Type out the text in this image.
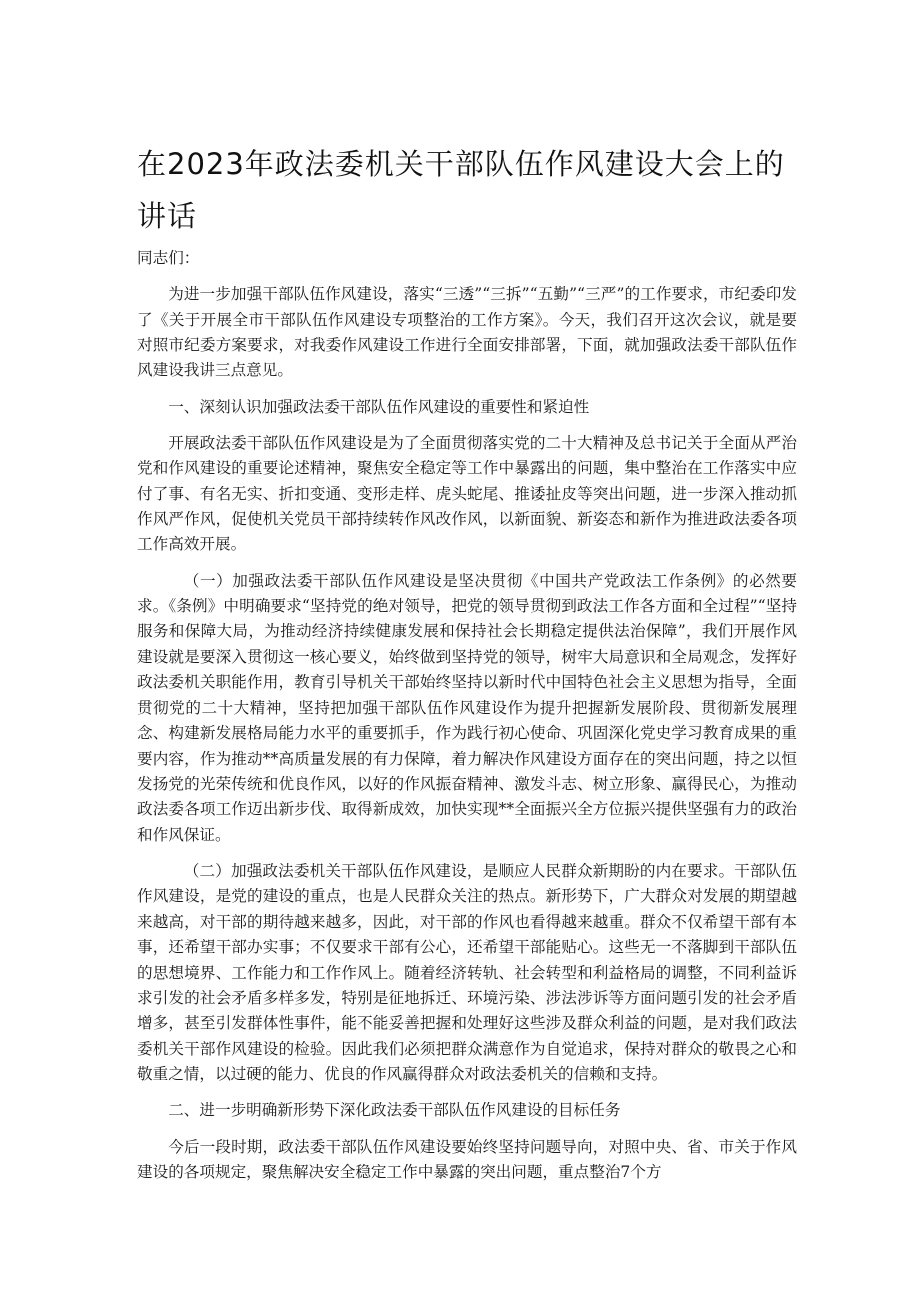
在2023年政法委机关干部队伍作风建设大会上的讲话

同志们：

为进一步加强干部队伍作风建设，落实“三透”“三拆”“五勤”“三严”的工作要求，市纪委印发了《关于开展全市干部队伍作风建设专项整治的工作方案》。今天，我们召开这次会议，就是要对照市纪委方案要求，对我委作风建设工作进行全面安排部署，下面，就加强政法委干部队伍作风建设我讲三点意见。

一、深刻认识加强政法委干部队伍作风建设的重要性和紧迫性

开展政法委干部队伍作风建设是为了全面贯彻落实党的二十大精神及总书记关于全面从严治党和作风建设的重要论述精神，聚焦安全稳定等工作中暴露出的问题，集中整治在工作落实中应付了事、有名无实、折扣变通、变形走样、虎头蛇尾、推诿扯皮等突出问题，进一步深入推动抓作风严作风，促使机关党员干部持续转作风改作风，以新面貌、新姿态和新作为推进政法委各项工作高效开展。

（一）加强政法委干部队伍作风建设是坚决贯彻《中国共产党政法工作条例》的必然要求。《条例》中明确要求“坚持党的绝对领导，把党的领导贯彻到政法工作各方面和全过程”“坚持服务和保障大局，为推动经济持续健康发展和保持社会长期稳定提供法治保障”，我们开展作风建设就是要深入贯彻这一核心要义，始终做到坚持党的领导，树牢大局意识和全局观念，发挥好政法委机关职能作用，教育引导机关干部始终坚持以新时代中国特色社会主义思想为指导，全面贯彻党的二十大精神，坚持把加强干部队伍作风建设作为提升把握新发展阶段、贯彻新发展理念、构建新发展格局能力水平的重要抓手，作为践行初心使命、巩固深化党史学习教育成果的重要内容，作为推动**高质量发展的有力保障，着力解决作风建设方面存在的突出问题，持之以恒发扬党的光荣传统和优良作风，以好的作风振奋精神、激发斗志、树立形象、赢得民心，为推动政法委各项工作迈出新步伐、取得新成效，加快实现**全面振兴全方位振兴提供坚强有力的政治和作风保证。

（二）加强政法委机关干部队伍作风建设，是顺应人民群众新期盼的内在要求。干部队伍作风建设，是党的建设的重点，也是人民群众关注的热点。新形势下，广大群众对发展的期望越来越高，对干部的期待越来越多，因此，对干部的作风也看得越来越重。群众不仅希望干部有本事，还希望干部办实事；不仅要求干部有公心，还希望干部能贴心。这些无一不落脚到干部队伍的思想境界、工作能力和工作作风上。随着经济转轨、社会转型和利益格局的调整，不同利益诉求引发的社会矛盾多样多发，特别是征地拆迁、环境污染、涉法涉诉等方面问题引发的社会矛盾增多，甚至引发群体性事件，能不能妥善把握和处理好这些涉及群众利益的问题，是对我们政法委机关干部作风建设的检验。因此我们必须把群众满意作为自觉追求，保持对群众的敬畏之心和敬重之情，以过硬的能力、优良的作风赢得群众对政法委机关的信赖和支持。

二、进一步明确新形势下深化政法委干部队伍作风建设的目标任务

今后一段时期，政法委干部队伍作风建设要始终坚持问题导向，对照中央、省、市关于作风建设的各项规定，聚焦解决安全稳定工作中暴露的突出问题，重点整治7个方
